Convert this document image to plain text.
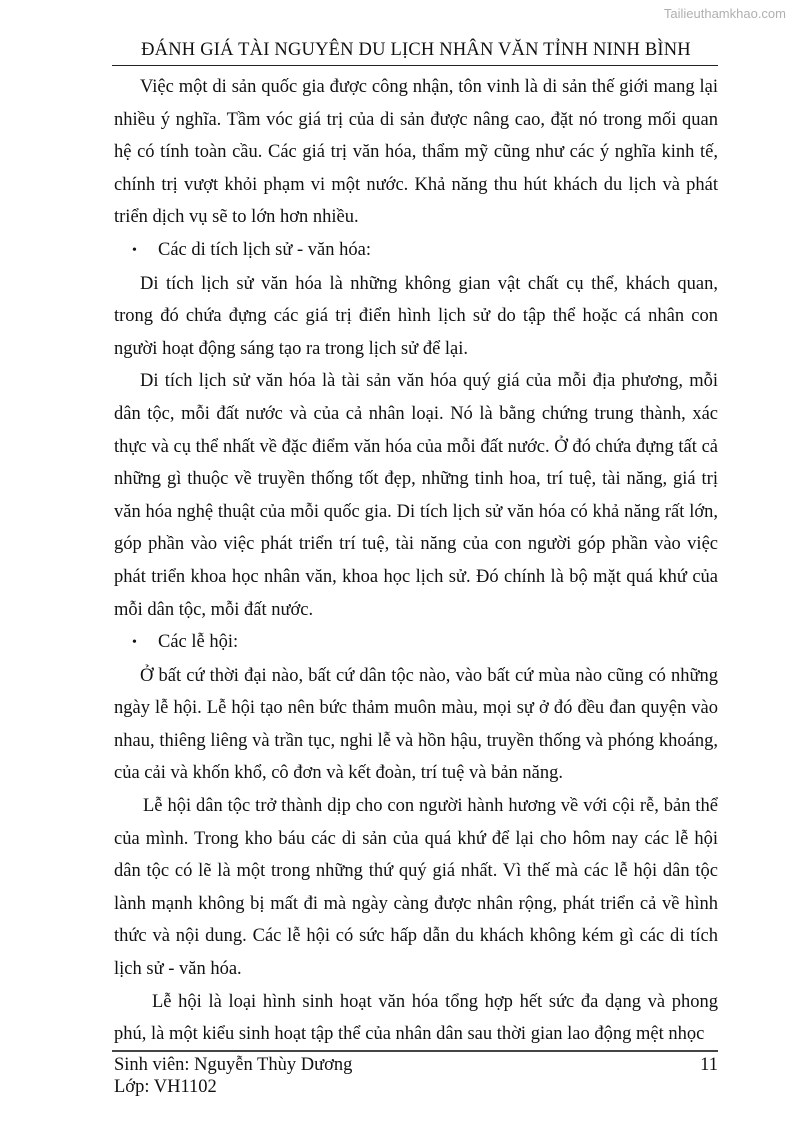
Tailieuthamkhao.com
ĐÁNH GIÁ TÀI NGUYÊN DU LỊCH NHÂN VĂN TỈNH NINH BÌNH

Việc một di sản quốc gia được công nhận, tôn vinh là di sản thế giới mang lại nhiều ý nghĩa. Tầm vóc giá trị của di sản được nâng cao, đặt nó trong mối quan hệ có tính toàn cầu. Các giá trị văn hóa, thẩm mỹ cũng như các ý nghĩa kinh tế, chính trị vượt khỏi phạm vi một nước. Khả năng thu hút khách du lịch và phát triển dịch vụ sẽ to lớn hơn nhiều.

• Các di tích lịch sử - văn hóa:

Di tích lịch sử văn hóa là những không gian vật chất cụ thể, khách quan, trong đó chứa đựng các giá trị điển hình lịch sử do tập thể hoặc cá nhân con người hoạt động sáng tạo ra trong lịch sử để lại.

Di tích lịch sử văn hóa là tài sản văn hóa quý giá của mỗi địa phương, mỗi dân tộc, mỗi đất nước và của cả nhân loại. Nó là bằng chứng trung thành, xác thực và cụ thể nhất về đặc điểm văn hóa của mỗi đất nước. Ở đó chứa đựng tất cả những gì thuộc về truyền thống tốt đẹp, những tinh hoa, trí tuệ, tài năng, giá trị văn hóa nghệ thuật của mỗi quốc gia. Di tích lịch sử văn hóa có khả năng rất lớn, góp phần vào việc phát triển trí tuệ, tài năng của con người góp phần vào việc phát triển khoa học nhân văn, khoa học lịch sử. Đó chính là bộ mặt quá khứ của mỗi dân tộc, mỗi đất nước.

• Các lễ hội:

Ở bất cứ thời đại nào, bất cứ dân tộc nào, vào bất cứ mùa nào cũng có những ngày lễ hội. Lễ hội tạo nên bức thảm muôn màu, mọi sự ở đó đều đan quyện vào nhau, thiêng liêng và trần tục, nghi lễ và hồn hậu, truyền thống và phóng khoáng, của cải và khốn khổ, cô đơn và kết đoàn, trí tuệ và bản năng.

Lễ hội dân tộc trở thành dịp cho con người hành hương về với cội rễ, bản thể của mình. Trong kho báu các di sản của quá khứ để lại cho hôm nay các lễ hội dân tộc có lẽ là một trong những thứ quý giá nhất. Vì thế mà các lễ hội dân tộc lành mạnh không bị mất đi mà ngày càng được nhân rộng, phát triển cả về hình thức và nội dung. Các lễ hội có sức hấp dẫn du khách không kém gì các di tích lịch sử - văn hóa.

Lễ hội là loại hình sinh hoạt văn hóa tổng hợp hết sức đa dạng và phong phú, là một kiểu sinh hoạt tập thể của nhân dân sau thời gian lao động mệt nhọc

Sinh viên: Nguyễn Thùy Dương
Lớp: VH1102
11
